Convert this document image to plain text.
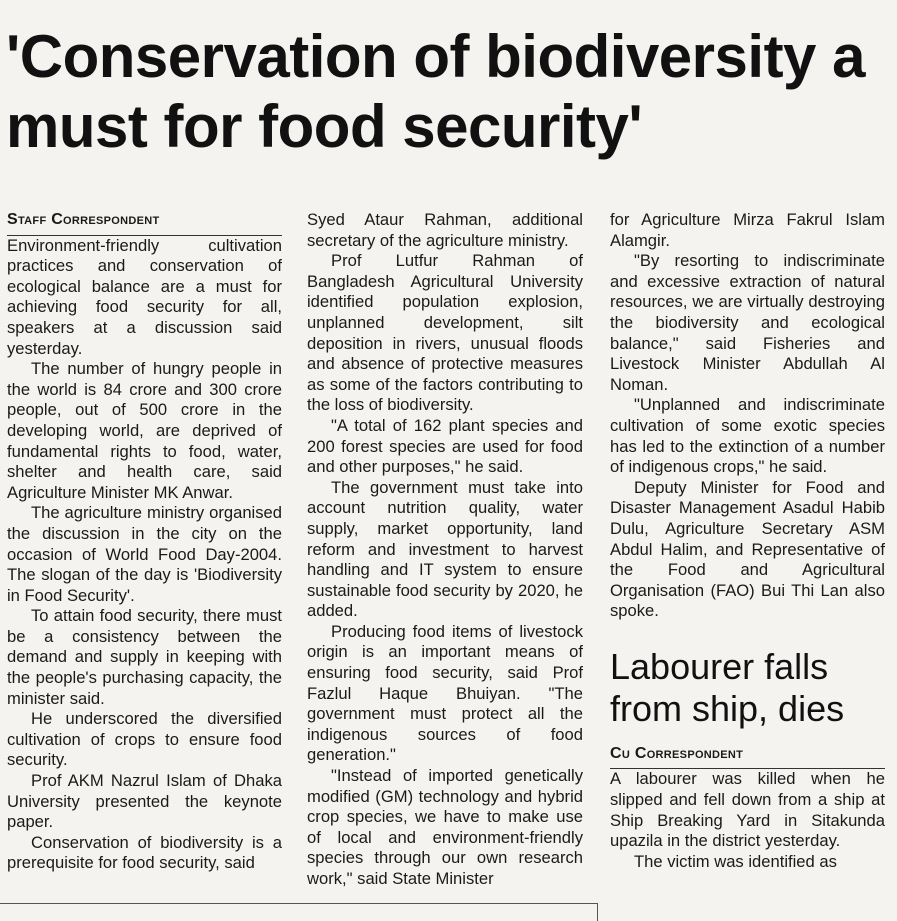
'Conservation of biodiversity a must for food security'

Staff Correspondent

Environment-friendly cultivation practices and conservation of ecological balance are a must for achieving food security for all, speakers at a discussion said yesterday.

The number of hungry people in the world is 84 crore and 300 crore people, out of 500 crore in the developing world, are deprived of fundamental rights to food, water, shelter and health care, said Agriculture Minister MK Anwar.

The agriculture ministry organised the discussion in the city on the occasion of World Food Day-2004. The slogan of the day is 'Biodiversity in Food Security'.

To attain food security, there must be a consistency between the demand and supply in keeping with the people's purchasing capacity, the minister said.

He underscored the diversified cultivation of crops to ensure food security.

Prof AKM Nazrul Islam of Dhaka University presented the keynote paper.

Conservation of biodiversity is a prerequisite for food security, said

Syed Ataur Rahman, additional secretary of the agriculture ministry.

Prof Lutfur Rahman of Bangladesh Agricultural University identified population explosion, unplanned development, silt deposition in rivers, unusual floods and absence of protective measures as some of the factors contributing to the loss of biodiversity.

"A total of 162 plant species and 200 forest species are used for food and other purposes," he said.

The government must take into account nutrition quality, water supply, market opportunity, land reform and investment to harvest handling and IT system to ensure sustainable food security by 2020, he added.

Producing food items of livestock origin is an important means of ensuring food security, said Prof Fazlul Haque Bhuiyan. "The government must protect all the indigenous sources of food generation."

"Instead of imported genetically modified (GM) technology and hybrid crop species, we have to make use of local and environment-friendly species through our own research work," said State Minister

for Agriculture Mirza Fakrul Islam Alamgir.

"By resorting to indiscriminate and excessive extraction of natural resources, we are virtually destroying the biodiversity and ecological balance," said Fisheries and Livestock Minister Abdullah Al Noman.

"Unplanned and indiscriminate cultivation of some exotic species has led to the extinction of a number of indigenous crops," he said.

Deputy Minister for Food and Disaster Management Asadul Habib Dulu, Agriculture Secretary ASM Abdul Halim, and Representative of the Food and Agricultural Organisation (FAO) Bui Thi Lan also spoke.

Labourer falls from ship, dies

Cu Correspondent

A labourer was killed when he slipped and fell down from a ship at Ship Breaking Yard in Sitakunda upazila in the district yesterday.

The victim was identified as
